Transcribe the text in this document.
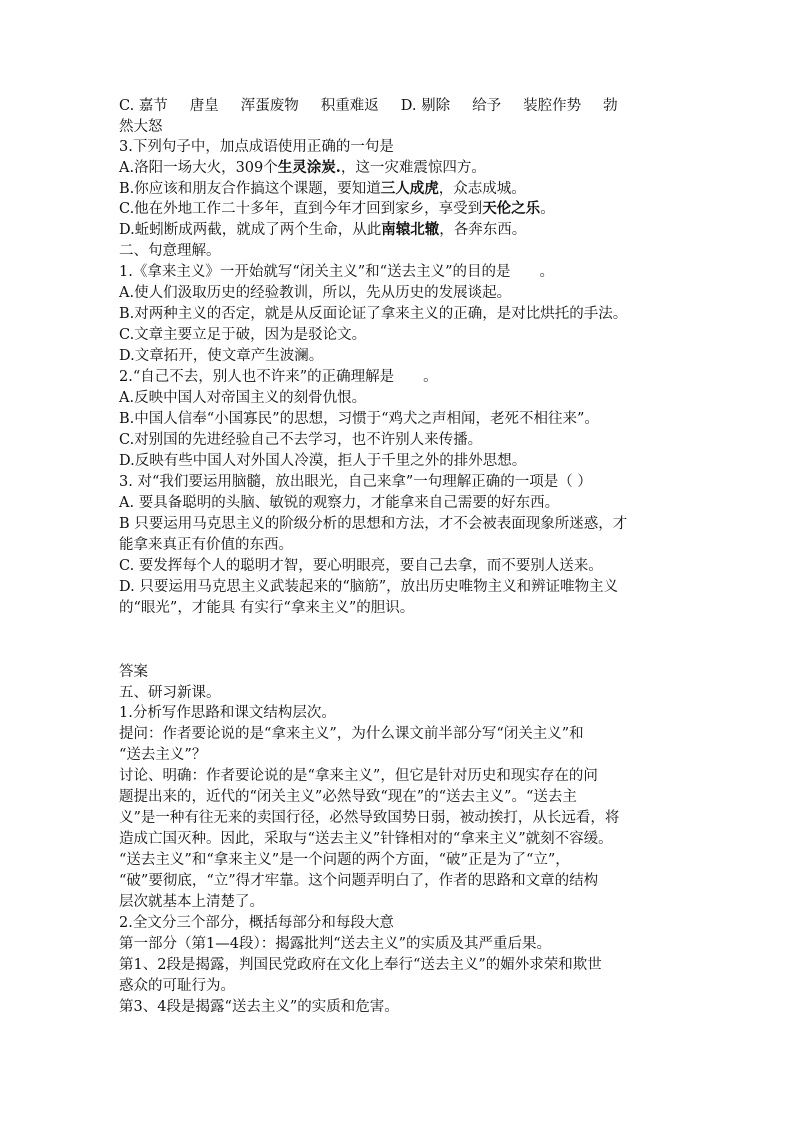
C. 嘉节 唐皇 浑蛋废物 积重难返 D. 剔除 给予 装腔作势 勃
然大怒
3.下列句子中，加点成语使用正确的一句是
A.洛阳一场大火，309个生灵涂炭.，这一灾难震惊四方。
B.你应该和朋友合作搞这个课题，要知道三人成虎，众志成城。
C.他在外地工作二十多年，直到今年才回到家乡，享受到天伦之乐。
D.蚯蚓断成两截，就成了两个生命，从此南辕北辙，各奔东西。
二、句意理解。
1.《拿来主义》一开始就写“闭关主义”和“送去主义”的目的是　　。
A.使人们汲取历史的经验教训，所以，先从历史的发展谈起。
B.对两种主义的否定，就是从反面论证了拿来主义的正确，是对比烘托的手法。
C.文章主要立足于破，因为是驳论文。
D.文章拓开，使文章产生波澜。
2.“自己不去，别人也不许来”的正确理解是　　。
A.反映中国人对帝国主义的刻骨仇恨。
B.中国人信奉“小国寡民”的思想，习惯于“鸡犬之声相闻，老死不相往来”。
C.对别国的先进经验自己不去学习，也不许别人来传播。
D.反映有些中国人对外国人冷漠，拒人于千里之外的排外思想。
3. 对“我们要运用脑髓，放出眼光，自己来拿”一句理解正确的一项是（ ）
A. 要具备聪明的头脑、敏锐的观察力，才能拿来自己需要的好东西。
B 只要运用马克思主义的阶级分析的思想和方法，才不会被表面现象所迷惑，才
能拿来真正有价值的东西。
C. 要发挥每个人的聪明才智，要心明眼亮，要自己去拿，而不要别人送来。
D. 只要运用马克思主义武装起来的“脑筋”，放出历史唯物主义和辨证唯物主义
的“眼光”，才能具 有实行“拿来主义”的胆识。
答案
五、研习新课。
1.分析写作思路和课文结构层次。
提问：作者要论说的是“拿来主义”，为什么课文前半部分写“闭关主义”和
“送去主义”？
讨论、明确：作者要论说的是“拿来主义”，但它是针对历史和现实存在的问
题提出来的，近代的“闭关主义”必然导致“现在”的“送去主义”。“送去主
义”是一种有往无来的卖国行径，必然导致国势日弱，被动挨打，从长远看，将
造成亡国灭种。因此，采取与“送去主义”针锋相对的“拿来主义”就刻不容缓。
“送去主义”和“拿来主义”是一个问题的两个方面，“破”正是为了“立”，
“破”要彻底，“立”得才牢靠。这个问题弄明白了，作者的思路和文章的结构
层次就基本上清楚了。
2.全文分三个部分，概括每部分和每段大意
第一部分（第1—4段）：揭露批判“送去主义”的实质及其严重后果。
第1、2段是揭露，判国民党政府在文化上奉行“送去主义”的媚外求荣和欺世
惑众的可耻行为。
第3、4段是揭露“送去主义”的实质和危害。
